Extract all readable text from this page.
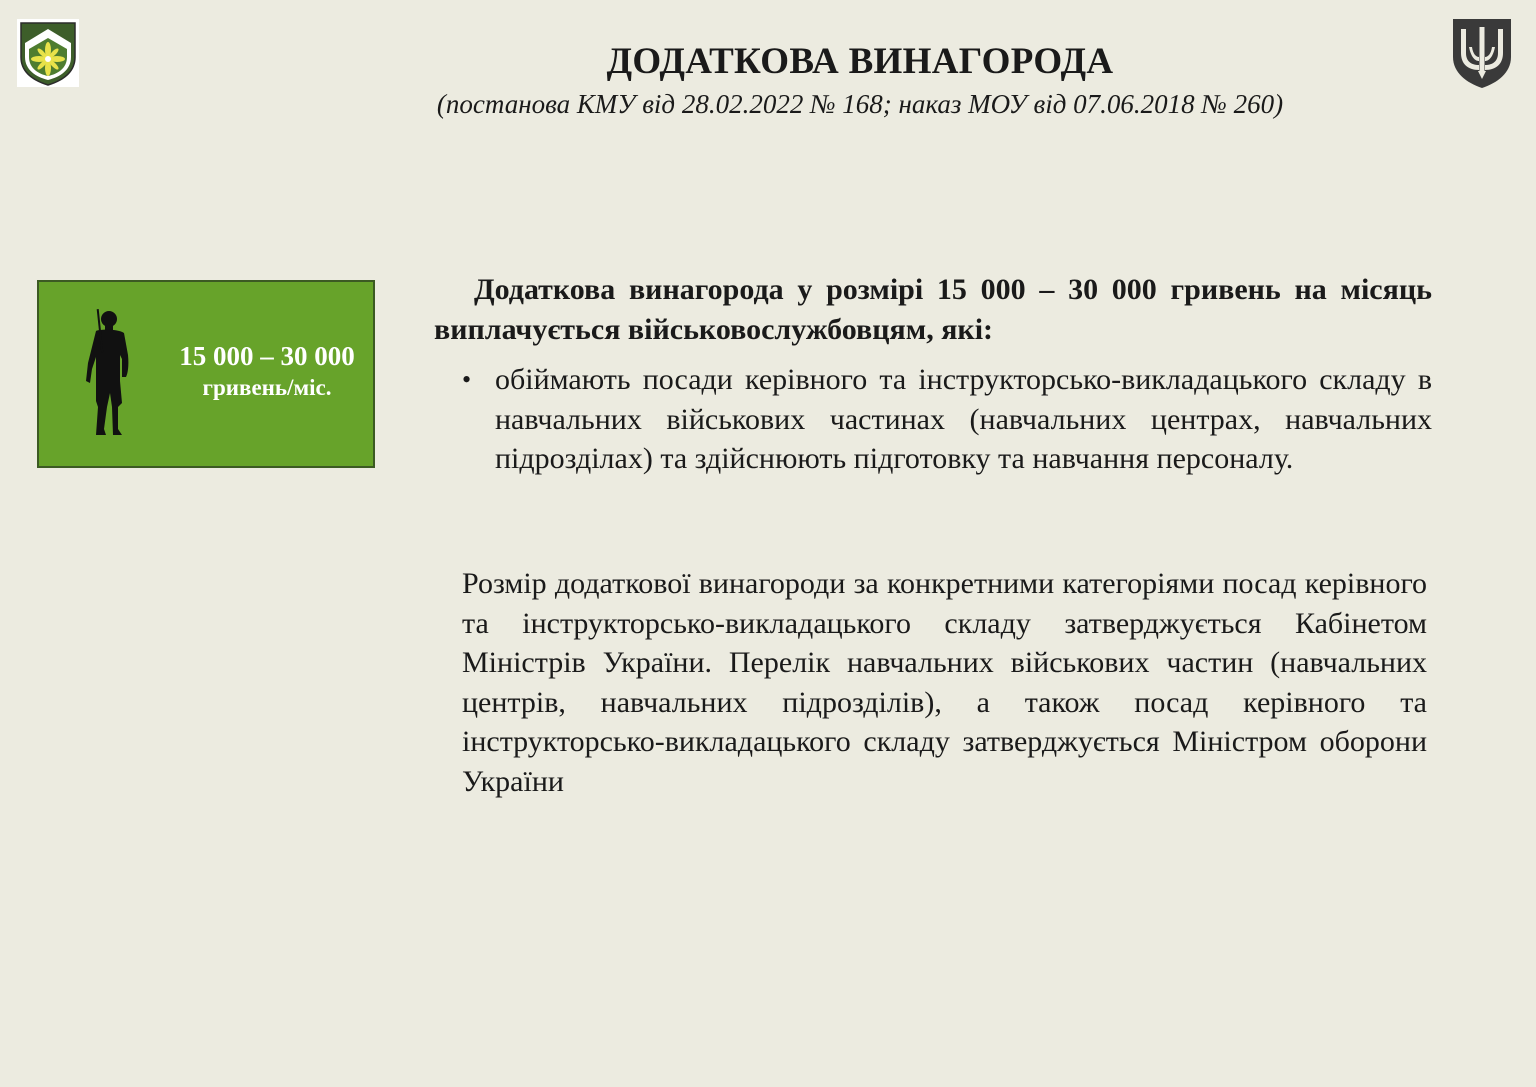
ДОДАТКОВА ВИНАГОРОДА

(постанова КМУ від 28.02.2022 № 168; наказ МОУ від 07.06.2018 № 260)

15 000 – 30 000
гривень/міс.

Додаткова винагорода у розмірі 15 000 – 30 000 гривень на місяць виплачується військовослужбовцям, які:

• обіймають посади керівного та інструкторсько-викладацького складу в навчальних військових частинах (навчальних центрах, навчальних підрозділах) та здійснюють підготовку та навчання персоналу.

Розмір додаткової винагороди за конкретними категоріями посад керівного та інструкторсько-викладацького складу затверджується Кабінетом Міністрів України. Перелік навчальних військових частин (навчальних центрів, навчальних підрозділів), а також посад керівного та інструкторсько-викладацького складу затверджується Міністром оборони України
